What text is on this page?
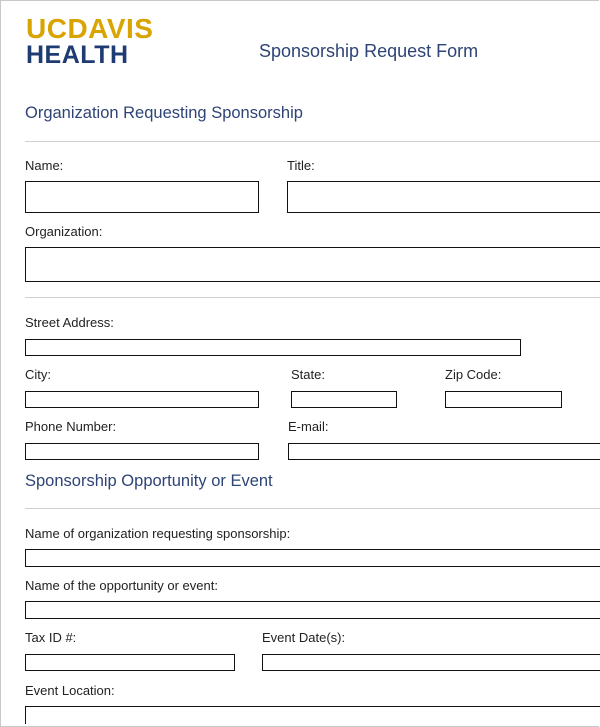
UCDAVIS
HEALTH	Sponsorship Request Form
Organization Requesting Sponsorship
Name:	Title:
Organization:
Street Address:
City:	State:	Zip Code:
Phone Number:	E-mail:
Sponsorship Opportunity or Event
Name of organization requesting sponsorship:
Name of the opportunity or event:
Tax ID #:	Event Date(s):
Event Location:
